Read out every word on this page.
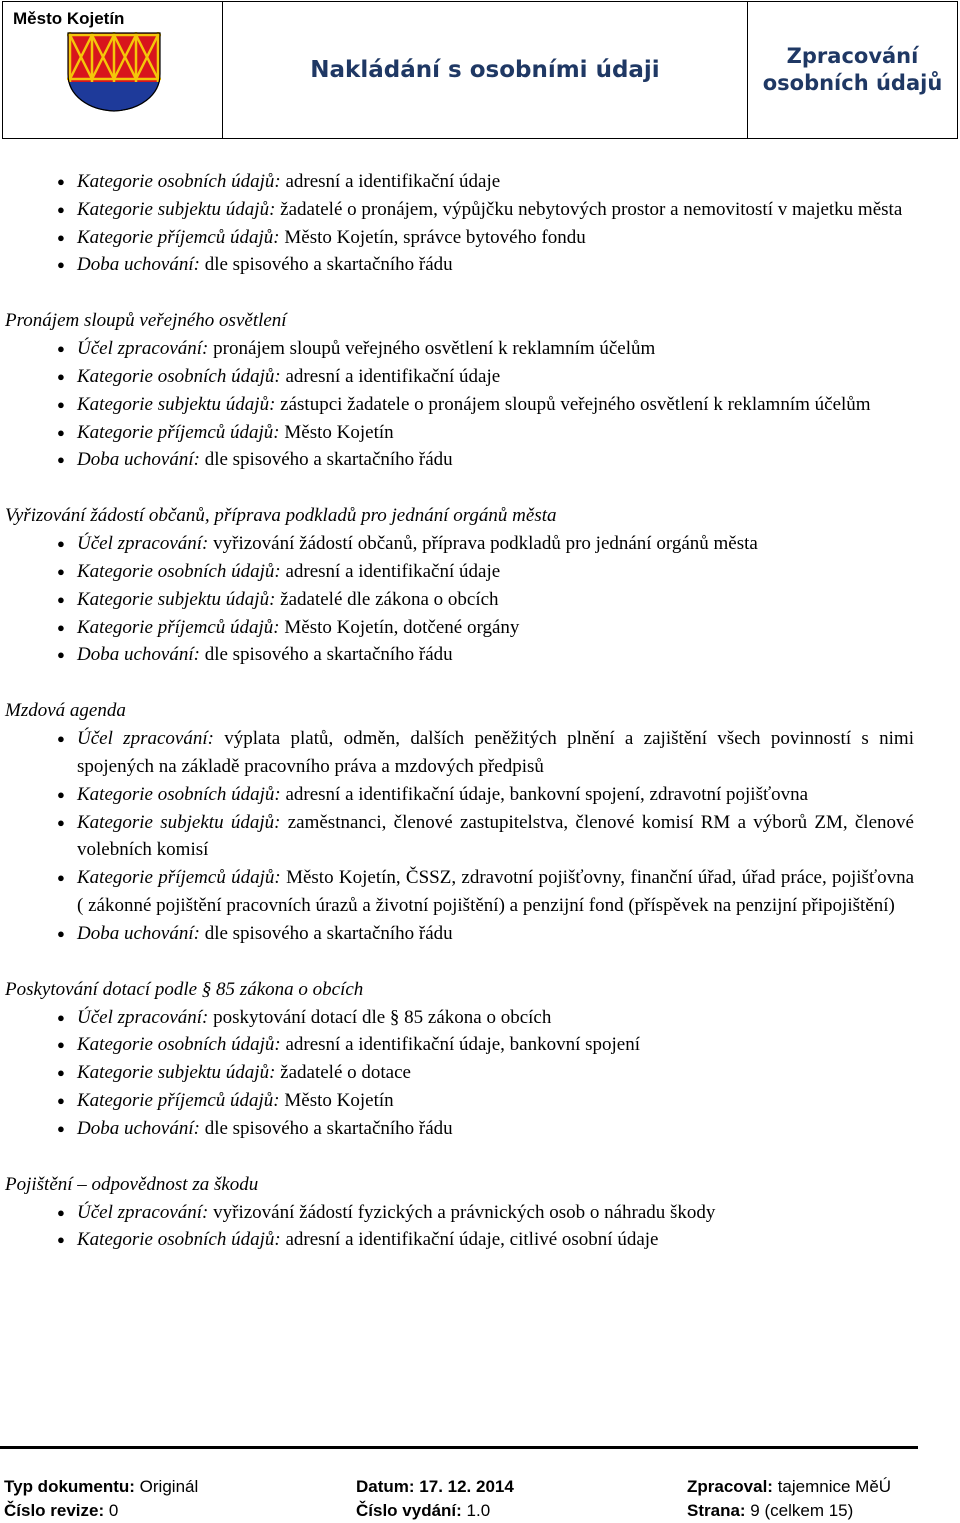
Město Kojetín
Nakládání s osobními údaji
Zpracování
osobních údajů
● Kategorie osobních údajů: adresní a identifikační údaje
● Kategorie subjektu údajů: žadatelé o pronájem, výpůjčku nebytových prostor a nemovitostí v majetku města
● Kategorie příjemců údajů: Město Kojetín, správce bytového fondu
● Doba uchování: dle spisového a skartačního řádu
Pronájem sloupů veřejného osvětlení
● Účel zpracování: pronájem sloupů veřejného osvětlení k reklamním účelům
● Kategorie osobních údajů: adresní a identifikační údaje
● Kategorie subjektu údajů: zástupci žadatele o pronájem sloupů veřejného osvětlení k reklamním účelům
● Kategorie příjemců údajů: Město Kojetín
● Doba uchování: dle spisového a skartačního řádu
Vyřizování žádostí občanů, příprava podkladů pro jednání orgánů města
● Účel zpracování: vyřizování žádostí občanů, příprava podkladů pro jednání orgánů města
● Kategorie osobních údajů: adresní a identifikační údaje
● Kategorie subjektu údajů: žadatelé dle zákona o obcích
● Kategorie příjemců údajů: Město Kojetín, dotčené orgány
● Doba uchování: dle spisového a skartačního řádu
Mzdová agenda
● Účel zpracování: výplata platů, odměn, dalších peněžitých plnění a zajištění všech povinností s nimi spojených na základě pracovního práva a mzdových předpisů
● Kategorie osobních údajů: adresní a identifikační údaje, bankovní spojení, zdravotní pojišťovna
● Kategorie subjektu údajů: zaměstnanci, členové zastupitelstva, členové komisí RM a výborů ZM, členové volebních komisí
● Kategorie příjemců údajů: Město Kojetín, ČSSZ, zdravotní pojišťovny, finanční úřad, úřad práce, pojišťovna ( zákonné pojištění pracovních úrazů a životní pojištění) a penzijní fond (příspěvek na penzijní připojištění)
● Doba uchování: dle spisového a skartačního řádu
Poskytování dotací podle § 85 zákona o obcích
● Účel zpracování: poskytování dotací dle § 85 zákona o obcích
● Kategorie osobních údajů: adresní a identifikační údaje, bankovní spojení
● Kategorie subjektu údajů: žadatelé o dotace
● Kategorie příjemců údajů: Město Kojetín
● Doba uchování: dle spisového a skartačního řádu
Pojištění – odpovědnost za škodu
● Účel zpracování: vyřizování žádostí fyzických a právnických osob o náhradu škody
● Kategorie osobních údajů: adresní a identifikační údaje, citlivé osobní údaje
Typ dokumentu: Originál	Datum: 17. 12. 2014	Zpracoval: tajemnice MěÚ
Číslo revize: 0	Číslo vydání: 1.0	Strana: 9 (celkem 15)
